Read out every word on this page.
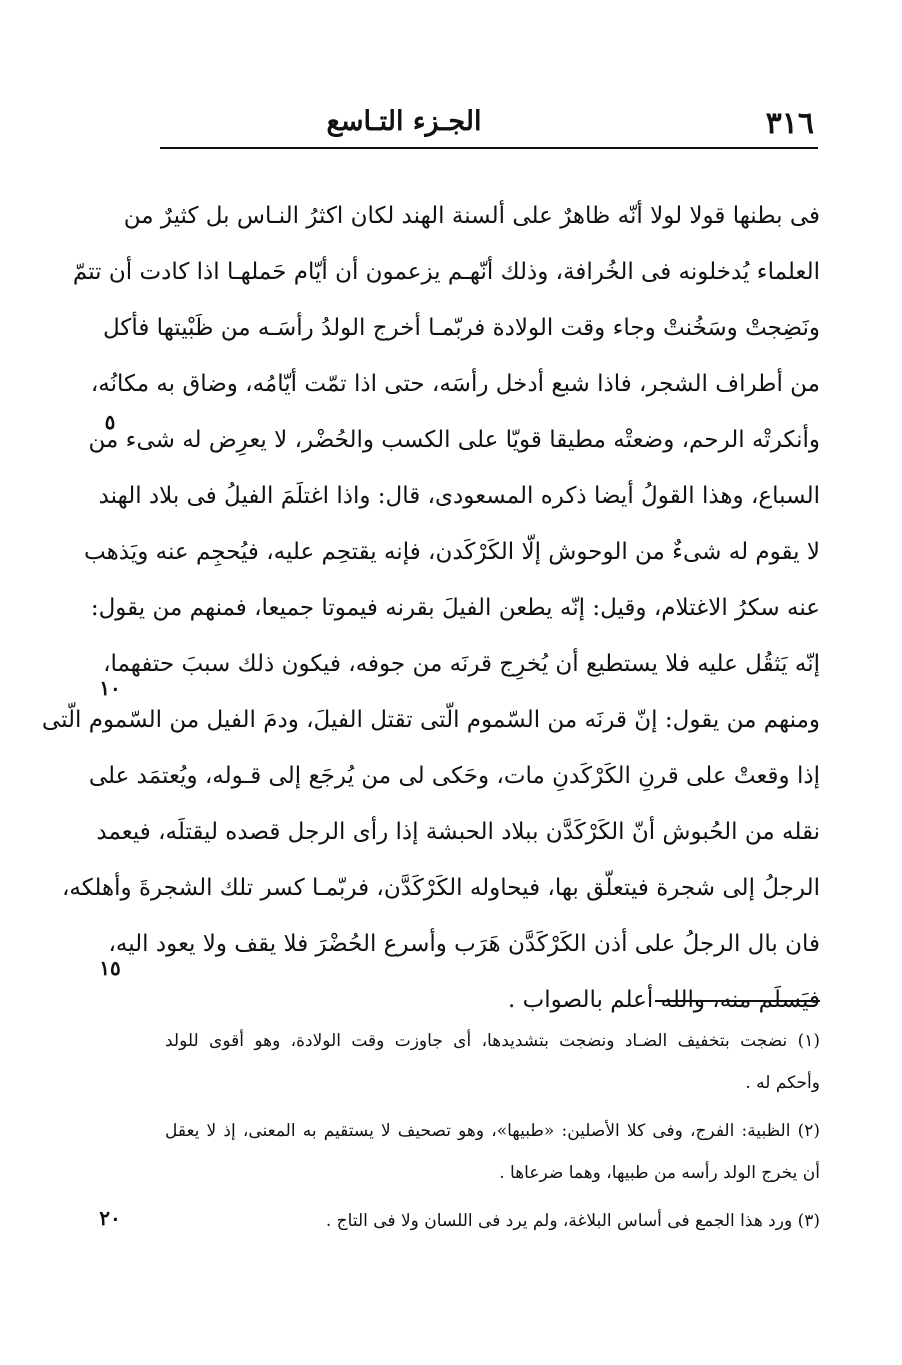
٣١٦
الجـزء التـاسع
فى بطنها قولا لولا أنّه ظاهرٌ على ألسنة الهند لكان اكثرُ النـاس بل كثيرٌ من
العلماء يُدخلونه فى الخُرافة، وذلك أنّهـم يزعمون أن أيّام حَملهـا اذا كادت أن تتمّ
ونَضِجتْ وسَخُنتْ وجاء وقت الولادة فربّمـا أخرج الولدُ رأسَـه من ظَبْيتها فأكل
من أطراف الشجر، فاذا شبع أدخل رأسَه، حتى اذا تمّت أيّامُه، وضاق به مكانُه،
وأنكرتْه الرحم، وضعتْه مطيقا قويّا على الكسب والحُضْر، لا يعرِض له شىء من
السباع، وهذا القولُ أيضا ذكره المسعودى، قال: واذا اغتلَمَ الفيلُ فى بلاد الهند
لا يقوم له شىءٌ من الوحوش إلّا الكَرْكَدن، فإنه يقتحِم عليه، فيُحجِم عنه ويَذهب
عنه سكرُ الاغتلام، وقيل: إنّه يطعن الفيلَ بقرنه فيموتا جميعا، فمنهم من يقول:
إنّه يَثقُل عليه فلا يستطيع أن يُخرِج قرنَه من جوفه، فيكون ذلك سببَ حتفهما،
ومنهم من يقول: إنّ قرنَه من السّموم الّتى تقتل الفيلَ، ودمَ الفيل من السّموم الّتى
إذا وقعتْ على قرنِ الكَرْكَدنِ مات، وحَكى لى من يُرجَع إلى قـوله، ويُعتمَد على
نقله من الحُبوش أنّ الكَرْكَدَّن ببلاد الحبشة إذا رأى الرجل قصده ليقتلَه، فيعمد
الرجلُ إلى شجرة فيتعلّق بها، فيحاوله الكَرْكَدَّن، فربّمـا كسر تلك الشجرةَ وأهلكه،
فان بال الرجلُ على أذن الكَرْكَدَّن هَرَب وأسرع الحُضْرَ فلا يقف ولا يعود اليه،
فيَسلَم منه، والله أعلم بالصواب .
٥
١٠
١٥
٢٠
(١) نضجت بتخفيف الضـاد ونضجت بتشديدها، أى جاوزت وقت الولادة، وهو أقوى للولد
وأحكم له .
(٢) الظبية: الفرج، وفى كلا الأصلين: «طبيها»، وهو تصحيف لا يستقيم به المعنى، إذ لا يعقل
أن يخرج الولد رأسه من طبيها، وهما ضرعاها .
(٣) ورد هذا الجمع فى أساس البلاغة، ولم يرد فى اللسان ولا فى التاج .
